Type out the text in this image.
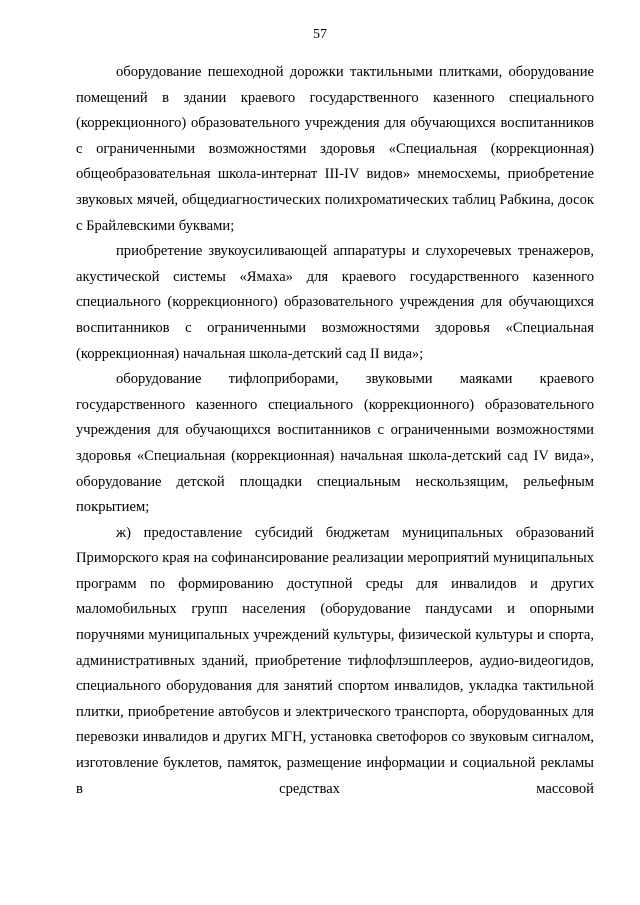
57

оборудование пешеходной дорожки тактильными плитками, оборудование помещений в здании краевого государственного казенного специального (коррекционного) образовательного учреждения для обучающихся воспитанников с ограниченными возможностями здоровья «Специальная (коррекционная) общеобразовательная школа-интернат III-IV видов» мнемосхемы, приобретение звуковых мячей, общедиагностических полихроматических таблиц Рабкина, досок с Брайлевскими буквами;

приобретение звукоусиливающей аппаратуры и слухоречевых тренажеров, акустической системы «Ямаха» для краевого государственного казенного специального (коррекционного) образовательного учреждения для обучающихся воспитанников с ограниченными возможностями здоровья «Специальная (коррекционная) начальная школа-детский сад II вида»;

оборудование тифлоприборами, звуковыми маяками краевого государственного казенного специального (коррекционного) образовательного учреждения для обучающихся воспитанников с ограниченными возможностями здоровья «Специальная (коррекционная) начальная школа-детский сад IV вида», оборудование детской площадки специальным нескользящим, рельефным покрытием;

ж) предоставление субсидий бюджетам муниципальных образований Приморского края на софинансирование реализации мероприятий муниципальных программ по формированию доступной среды для инвалидов и других маломобильных групп населения (оборудование пандусами и опорными поручнями муниципальных учреждений культуры, физической культуры и спорта, административных зданий, приобретение тифлофлэшплееров, аудио-видеогидов, специального оборудования для занятий спортом инвалидов, укладка тактильной плитки, приобретение автобусов и электрического транспорта, оборудованных для перевозки инвалидов и других МГН, установка светофоров со звуковым сигналом, изготовление буклетов, памяток, размещение информации и социальной рекламы в средствах массовой
